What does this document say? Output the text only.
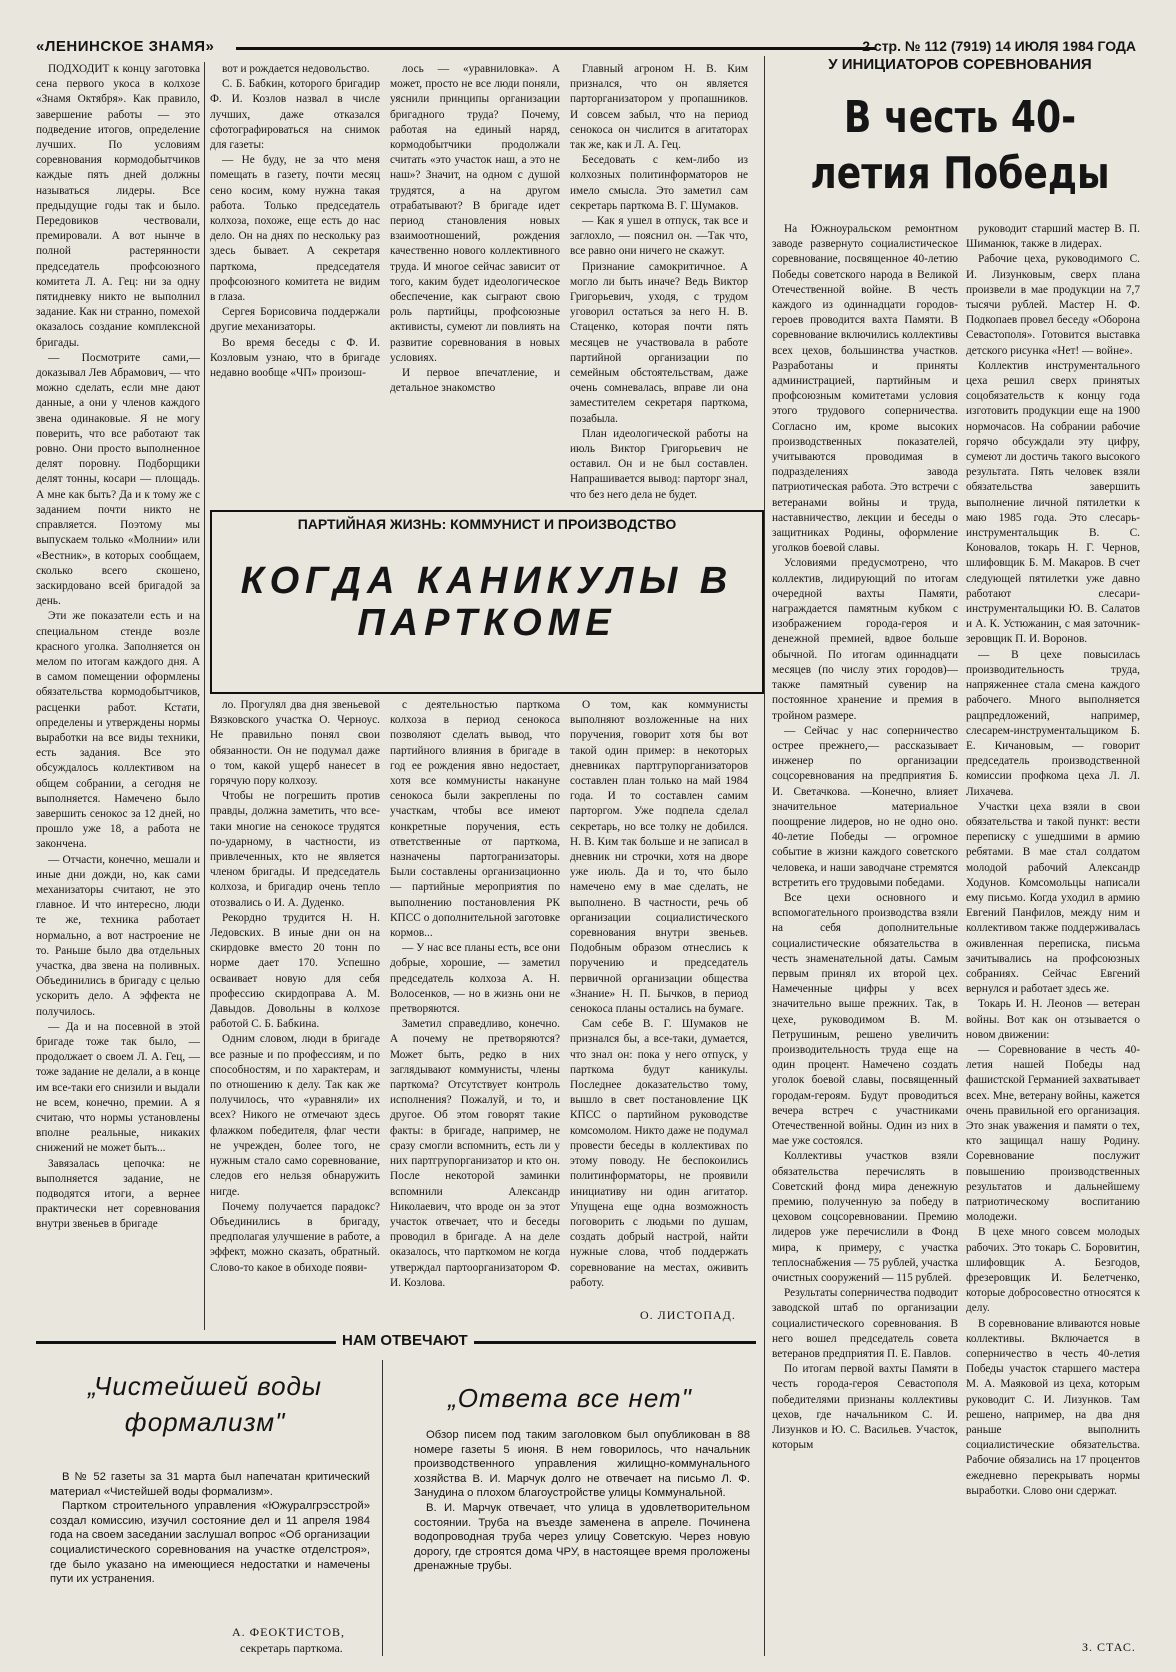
«ЛЕНИНСКОЕ ЗНАМЯ»	2 стр. № 112 (7919) 14 ИЮЛЯ 1984 ГОДА

ПОДХОДИТ к концу заготовка сена первого укоса в колхозе «Знамя Октября». Как правило, завершение работы — это подведение итогов, определение лучших. По условиям соревнования кормодобытчиков каждые пять дней должны называться лидеры. Все предыдущие годы так и было. Передовиков чествовали, премировали. А вот нынче в полной растерянности председатель профсоюзного комитета Л. А. Гец: ни за одну пятидневку никто не выполнил задание. Как ни странно, помехой оказалось создание комплексной бригады.

— Посмотрите сами,— доказывал Лев Абрамович, — что можно сделать, если мне дают данные, а они у членов каждого звена одинаковые. Я не могу поверить, что все работают так ровно. Они просто выполненное делят поровну. Подборщики делят тонны, косари — площадь. А мне как быть? Да и к тому же с заданием почти никто не справляется. Поэтому мы выпускаем только «Молнии» или «Вестник», в которых сообщаем, сколько всего скошено, заскирдовано всей бригадой за день.

Эти же показатели есть и на специальном стенде возле красного уголка. Заполняется он мелом по итогам каждого дня. А в самом помещении оформлены обязательства кормодобытчиков, расценки работ. Кстати, определены и утверждены нормы выработки на все виды техники, есть задания. Все это обсуждалось коллективом на общем собрании, а сегодня не выполняется. Намечено было завершить сенокос за 12 дней, но прошло уже 18, а работа не закончена.

— Отчасти, конечно, мешали и иные дни дожди, но, как сами механизаторы считают, не это главное. И что интересно, люди те же, техника работает нормально, а вот настроение не то. Раньше было два отдельных участка, два звена на поливных. Объединились в бригаду с целью ускорить дело. А эффекта не получилось.

— Да и на посевной в этой бригаде тоже так было, — продолжает о своем Л. А. Гец, — тоже задание не делали, а в конце им все-таки его снизили и выдали не всем, конечно, премии. А я считаю, что нормы установлены вполне реальные, никаких снижений не может быть...

Завязалась цепочка: не выполняется задание, не подводятся итоги, а вернее практически нет соревнования внутри звеньев в бригаде

вот и рождается недовольство.

С. Б. Бабкин, которого бригадир Ф. И. Козлов назвал в числе лучших, даже отказался сфотографироваться на снимок для газеты:

— Не буду, не за что меня помещать в газету, почти месяц сено косим, кому нужна такая работа. Только председатель колхоза, похоже, еще есть до нас дело. Он на днях по нескольку раз здесь бывает. А секретаря парткома, председателя профсоюзного комитета не видим в глаза.

Сергея Борисовича поддержали другие механизаторы.

Во время беседы с Ф. И. Козловым узнаю, что в бригаде недавно вообще «ЧП» произош-

лось — «уравниловка». А может, просто не все люди поняли, уяснили принципы организации бригадного труда? Почему, работая на единый наряд, кормодобытчики продолжали считать «это участок наш, а это не наш»? Значит, на одном с душой трудятся, а на другом отрабатывают? В бригаде идет период становления новых взаимоотношений, рождения качественно нового коллективного труда. И многое сейчас зависит от того, каким будет идеологическое обеспечение, как сыграют свою роль партийцы, профсоюзные активисты, сумеют ли повлиять на развитие соревнования в новых условиях.

И первое впечатление, и детальное знакомство

ПАРТИЙНАЯ ЖИЗНЬ: КОММУНИСТ И ПРОИЗВОДСТВО
КОГДА КАНИКУЛЫ В ПАРТКОМЕ

ло. Прогулял два дня звеньевой Вязковского участка О. Черноус. Не правильно понял свои обязанности. Он не подумал даже о том, какой ущерб нанесет в горячую пору колхозу.

Чтобы не погрешить против правды, должна заметить, что все-таки многие на сенокосе трудятся по-ударному, в частности, из привлеченных, кто не является членом бригады. И председатель колхоза, и бригадир очень тепло отозвались о И. А. Дуденко.

Рекордно трудится Н. Н. Ледовских. В иные дни он на скирдовке вместо 20 тонн по норме дает 170. Успешно осваивает новую для себя профессию скирдоправа А. М. Давыдов. Довольны в колхозе работой С. Б. Бабкина.

Одним словом, люди в бригаде все разные и по профессиям, и по способностям, и по характерам, и по отношению к делу. Так как же получилось, что «уравняли» их всех? Никого не отмечают здесь флажком победителя, флаг чести не учрежден, более того, не нужным стало само соревнование, следов его нельзя обнаружить нигде.

Почему получается парадокс? Объединились в бригаду, предполагая улучшение в работе, а эффект, можно сказать, обратный. Слово-то какое в обиходе появи-

с деятельностью парткома колхоза в период сенокоса позволяют сделать вывод, что партийного влияния в бригаде в год ее рождения явно недостает, хотя все коммунисты накануне сенокоса были закреплены по участкам, чтобы все имеют конкретные поручения, есть ответственные от парткома, назначены партогранизаторы. Были составлены организационно — партийные мероприятия по выполнению постановления РК КПСС о дополнительной заготовке кормов...

— У нас все планы есть, все они добрые, хорошие, — заметил председатель колхоза А. Н. Волосенков, — но в жизнь они не претворяются.

Заметил справедливо, конечно. А почему не претворяются? Может быть, редко в них заглядывают коммунисты, члены парткома? Отсутствует контроль исполнения? Пожалуй, и то, и другое. Об этом говорят такие факты: в бригаде, например, не сразу смогли вспомнить, есть ли у них партгрупорганизатор и кто он. После некоторой заминки вспомнили Александр Николаевич, что вроде он за этот участок отвечает, что и беседы проводил в бригаде. А на деле оказалось, что парткомом не когда утверждал партоорганизатором Ф. И. Козлова.

Главный агроном Н. В. Ким признался, что он является парторганизатором у пропашников. И совсем забыл, что на период сенокоса он числится в агитаторах так же, как и Л. А. Гец.

Беседовать с кем-либо из колхозных политинформаторов не имело смысла. Это заметил сам секретарь парткома В. Г. Шумаков.

— Как я ушел в отпуск, так все и заглохло, — пояснил он. —Так что, все равно они ничего не скажут.

Признание самокритичное. А могло ли быть иначе? Ведь Виктор Григорьевич, уходя, с трудом уговорил остаться за него Н. В. Стаценко, которая почти пять месяцев не участвовала в работе партийной организации по семейным обстоятельствам, даже очень сомневалась, вправе ли она заместителем секретаря парткома, позабыла.

План идеологической работы на июль Виктор Григорьевич не оставил. Он и не был составлен. Напрашивается вывод: парторг знал, что без него дела не будет.

О том, как коммунисты выполняют возложенные на них поручения, говорит хотя бы вот такой один пример: в некоторых дневниках партгрупорганизаторов составлен план только на май 1984 года. И то составлен самим парторгом. Уже подпела сделал секретарь, но все толку не добился. Н. В. Ким так больше и не записал в дневник ни строчки, хотя на дворе уже июль. Да и то, что было намечено ему в мае сделать, не выполнено. В частности, речь об организации социалистического соревнования внутри звеньев. Подобным образом отнеслись к поручению и председатель первичной организации общества «Знание» Н. П. Бычков, в период сенокоса планы остались на бумаге.

Сам себе В. Г. Шумаков не признался бы, а все-таки, думается, что знал он: пока у него отпуск, у парткома будут каникулы. Последнее доказательство тому, вышло в свет постановление ЦК КПСС о партийном руководстве комсомолом. Никто даже не подумал провести беседы в коллективах по этому поводу. Не беспокоились политинформаторы, не проявили инициативу ни один агитатор. Упущена еще одна возможность поговорить с людьми по душам, создать добрый настрой, найти нужные слова, чтоб поддержать соревнование на местах, оживить работу.

О. ЛИСТОПАД.
У ИНИЦИАТОРОВ СОРЕВНОВАНИЯ
В честь 40-летия Победы

На Южноуральском ремонтном заводе развернуто социалистическое соревнование, посвященное 40-летию Победы советского народа в Великой Отечественной войне. В честь каждого из одиннадцати городов-героев проводится вахта Памяти. В соревнование включились коллективы всех цехов, большинства участков. Разработаны и приняты администрацией, партийным и профсоюзным комитетами условия этого трудового соперничества. Согласно им, кроме высоких производственных показателей, учитываются проводимая в подразделениях завода патриотическая работа. Это встречи с ветеранами войны и труда, наставничество, лекции и беседы о защитниках Родины, оформление уголков боевой славы.

Условиями предусмотрено, что коллектив, лидирующий по итогам очередной вахты Памяти, награждается памятным кубком с изображением города-героя и денежной премией, вдвое больше обычной. По итогам одиннадцати месяцев (по числу этих городов)— также памятный сувенир на постоянное хранение и премия в тройном размере.

— Сейчас у нас соперничество острее прежнего,— рассказывает инженер по организации соцсоревнования на предприятия Б. И. Светачкова. —Конечно, влияет значительное материальное поощрение лидеров, но не одно оно. 40-летие Победы — огромное событие в жизни каждого советского человека, и наши заводчане стремятся встретить его трудовыми победами.

Все цехи основного и вспомогательного производства взяли на себя дополнительные социалистические обязательства в честь знаменательной даты. Самым первым принял их второй цех. Намеченные цифры у всех значительно выше прежних. Так, в цехе, руководимом В. М. Петрушиным, решено увеличить производительность труда еще на один процент. Намечено создать уголок боевой славы, посвященный городам-героям. Будут проводиться вечера встреч с участниками Отечественной войны. Один из них в мае уже состоялся.

Коллективы участков взяли обязательства перечислять в Советский фонд мира денежную премию, полученную за победу в цеховом соцсоревновании. Премию лидеров уже перечислили в Фонд мира, к примеру, с участка теплоснабжения — 75 рублей, участка очистных сооружений — 115 рублей.

Результаты соперничества подводит заводской штаб по организации социалистического соревнования. В него вошел председатель совета ветеранов предприятия П. Е. Павлов.

По итогам первой вахты Памяти в честь города-героя Севастополя победителями признаны коллективы цехов, где начальником С. И. Лизунков и Ю. С. Васильев. Участок, которым

руководит старший мастер В. П. Шиманюк, также в лидерах.

Рабочие цеха, руководимого С. И. Лизунковым, сверх плана произвели в мае продукции на 7,7 тысячи рублей. Мастер Н. Ф. Подкопаев провел беседу «Оборона Севастополя». Готовится выставка детского рисунка «Нет! — войне».

Коллектив инструментального цеха решил сверх принятых соцобязательств к концу года изготовить продукции еще на 1900 нормочасов. На собрании рабочие горячо обсуждали эту цифру, сумеют ли достичь такого высокого результата. Пять человек взяли обязательства завершить выполнение личной пятилетки к маю 1985 года. Это слесарь-инструментальщик В. С. Коновалов, токарь Н. Г. Чернов, шлифовщик Б. М. Макаров. В счет следующей пятилетки уже давно работают слесари-инструментальщики Ю. В. Салатов и А. К. Устюжанин, с мая заточник-зеровщик П. И. Воронов.

— В цехе повысилась производительность труда, напряженнее стала смена каждого рабочего. Много выполняется рацпредложений, например, слесарем-инструментальщиком Б. Е. Кичановым, — говорит председатель производственной комиссии профкома цеха Л. Л. Лихачева.

Участки цеха взяли в свои обязательства и такой пункт: вести переписку с ушедшими в армию ребятами. В мае стал солдатом молодой рабочий Александр Ходунов. Комсомольцы написали ему письмо. Когда уходил в армию Евгений Панфилов, между ним и коллективом также поддерживалась оживленная переписка, письма зачитывались на профсоюзных собраниях. Сейчас Евгений вернулся и работает здесь же.

Токарь И. Н. Леонов — ветеран войны. Вот как он отзывается о новом движении:

— Соревнование в честь 40-летия нашей Победы над фашистской Германией захватывает всех. Мне, ветерану войны, кажется очень правильной его организация. Это знак уважения и памяти о тех, кто защищал нашу Родину. Соревнование послужит повышению производственных результатов и дальнейшему патриотическому воспитанию молодежи.

В цехе много совсем молодых рабочих. Это токарь С. Боровитин, шлифовщик А. Безгодов, фрезеровщик И. Белетченко, которые добросовестно относятся к делу.

В соревнование вливаются новые коллективы. Включается в соперничество в честь 40-летия Победы участок старшего мастера М. А. Маяковой из цеха, которым руководит С. И. Лизунков. Там решено, например, на два дня раньше выполнить социалистические обязательства. Рабочие обязались на 17 процентов ежедневно перекрывать нормы выработки. Слово они сдержат.

З. СТАС.
НАМ ОТВЕЧАЮТ
„Чистейшей воды формализм"

В № 52 газеты за 31 марта был напечатан критический материал «Чистейшей воды формализм».

Партком строительного управления «Южуралгрэсстрой» создал комиссию, изучил состояние дел и 11 апреля 1984 года на своем заседании заслушал вопрос «Об организации социалистического соревнования на участке отделстроя», где было указано на имеющиеся недостатки и намечены пути их устранения.

А. ФЕОКТИСТОВ,
секретарь парткома.
„Ответа все нет"

Обзор писем под таким заголовком был опубликован в 88 номере газеты 5 июня. В нем говорилось, что начальник производственного управления жилищно-коммунального хозяйства В. И. Марчук долго не отвечает на письмо Л. Ф. Занудина о плохом благоустройстве улицы Коммунальной.

В. И. Марчук отвечает, что улица в удовлетворительном состоянии. Труба на въезде заменена в апреле. Починена водопроводная труба через улицу Советскую. Через новую дорогу, где строятся дома ЧРУ, в настоящее время проложены дренажные трубы.
